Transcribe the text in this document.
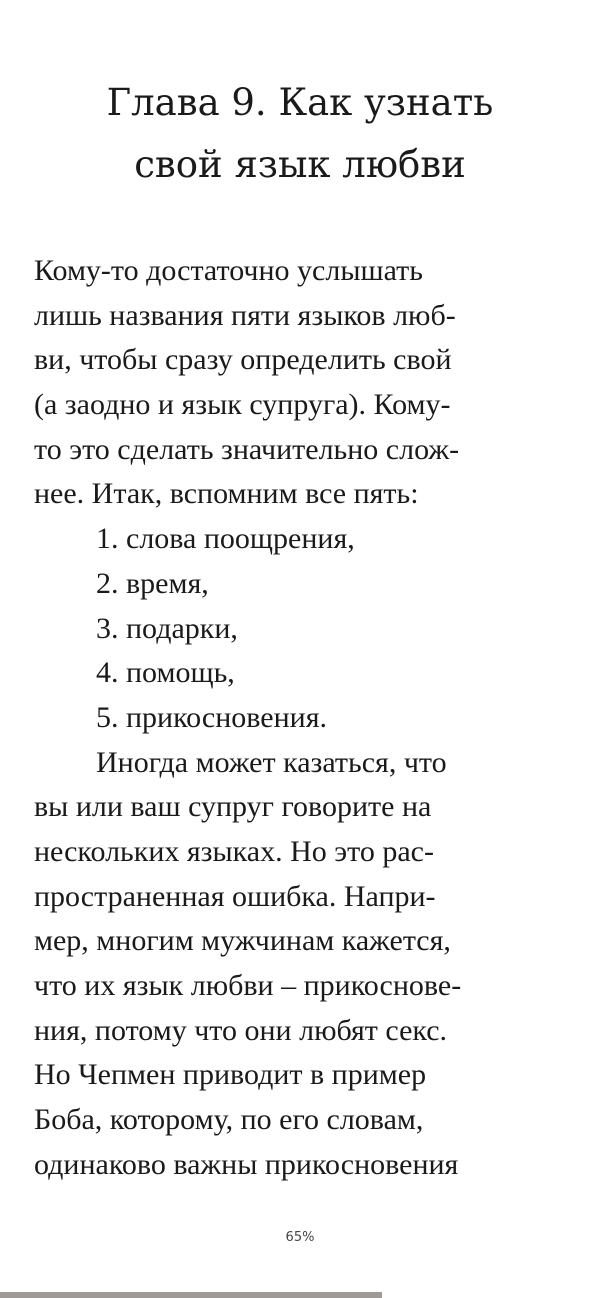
Глава 9. Как узнать
свой язык любви
Кому-то достаточно услышать
лишь названия пяти языков люб-
ви, чтобы сразу определить свой
(а заодно и язык супруга). Кому-
то это сделать значительно слож-
нее. Итак, вспомним все пять:
1. слова поощрения,
2. время,
3. подарки,
4. помощь,
5. прикосновения.
Иногда может казаться, что
вы или ваш супруг говорите на
нескольких языках. Но это рас-
пространенная ошибка. Напри-
мер, многим мужчинам кажется,
что их язык любви – прикоснове-
ния, потому что они любят секс.
Но Чепмен приводит в пример
Боба, которому, по его словам,
одинаково важны прикосновения
65%
